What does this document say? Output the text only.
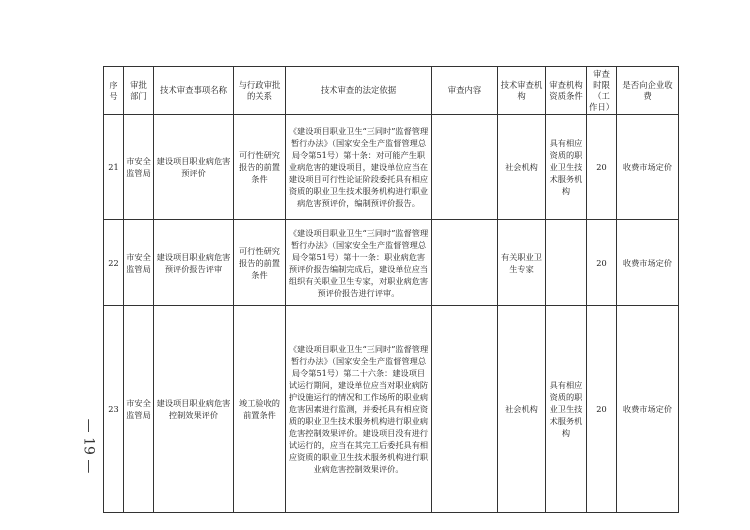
— 19 —
序号	审批部门	技术审查事项名称	与行政审批的关系	技术审查的法定依据	审查内容	技术审查机构	审查机构资质条件	审查时限（工作日）	是否向企业收费
21	市安全监管局	建设项目职业病危害预评价	可行性研究报告的前置条件	《建设项目职业卫生“三同时”监督管理暂行办法》（国家安全生产监督管理总局令第51号）第十条：对可能产生职业病危害的建设项目，建设单位应当在建设项目可行性论证阶段委托具有相应资质的职业卫生技术服务机构进行职业病危害预评价，编制预评价报告。		社会机构	具有相应资质的职业卫生技术服务机构	20	收费市场定价
22	市安全监管局	建设项目职业病危害预评价报告评审	可行性研究报告的前置条件	《建设项目职业卫生“三同时”监督管理暂行办法》（国家安全生产监督管理总局令第51号）第十一条：职业病危害预评价报告编制完成后，建设单位应当组织有关职业卫生专家，对职业病危害预评价报告进行评审。		有关职业卫生专家		20	收费市场定价
23	市安全监管局	建设项目职业病危害控制效果评价	竣工验收的前置条件	《建设项目职业卫生“三同时”监督管理暂行办法》（国家安全生产监督管理总局令第51号）第二十六条：建设项目试运行期间，建设单位应当对职业病防护设施运行的情况和工作场所的职业病危害因素进行监测，并委托具有相应资质的职业卫生技术服务机构进行职业病危害控制效果评价。建设项目没有进行试运行的，应当在其完工后委托具有相应资质的职业卫生技术服务机构进行职业病危害控制效果评价。		社会机构	具有相应资质的职业卫生技术服务机构	20	收费市场定价
